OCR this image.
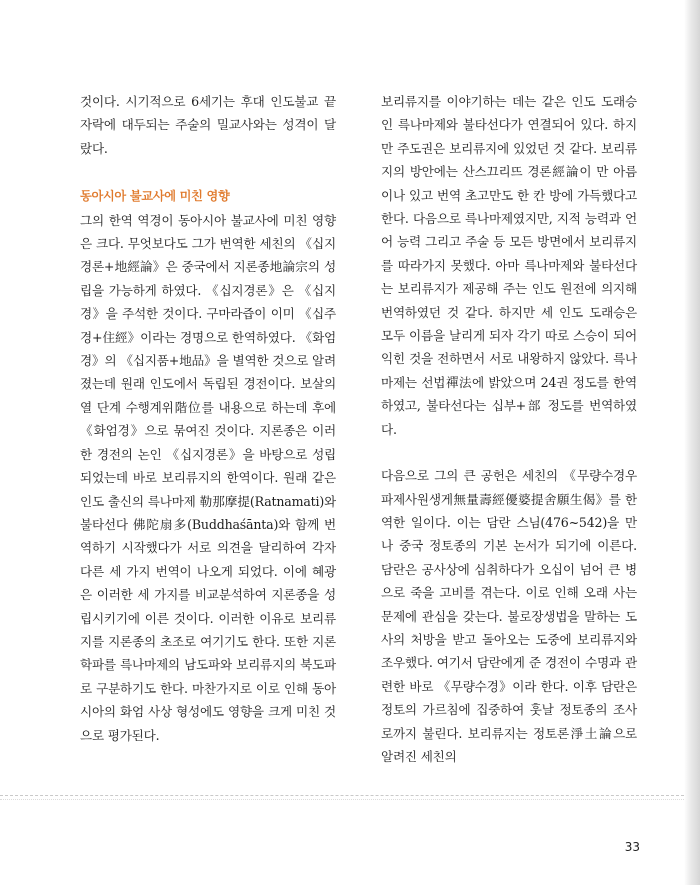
것이다. 시기적으로 6세기는 후대 인도불교 끝자락에 대두되는 주술의 밀교사와는 성격이 달랐다.

동아시아 불교사에 미친 영향

그의 한역 역경이 동아시아 불교사에 미친 영향은 크다. 무엇보다도 그가 번역한 세친의 《십지경론+地經論》은 중국에서 지론종地論宗의 성립을 가능하게 하였다. 《십지경론》은 《십지경》을 주석한 것이다. 구마라즙이 이미 《십주경+住經》이라는 경명으로 한역하였다. 《화엄경》의 《십지품+地品》을 별역한 것으로 알려졌는데 원래 인도에서 독립된 경전이다. 보살의 열 단계 수행계위階位를 내용으로 하는데 후에 《화엄경》으로 묶여진 것이다. 지론종은 이러한 경전의 논인 《십지경론》을 바탕으로 성립되었는데 바로 보리류지의 한역이다. 원래 같은 인도 출신의 륵나마제 勒那摩提(Ratnamati)와 불타선다 佛陀扇多(Buddhaśānta)와 함께 번역하기 시작했다가 서로 의견을 달리하여 각자 다른 세 가지 번역이 나오게 되었다. 이에 혜광은 이러한 세 가지를 비교분석하여 지론종을 성립시키기에 이른 것이다. 이러한 이유로 보리류지를 지론종의 초조로 여기기도 한다. 또한 지론학파를 륵나마제의 남도파와 보리류지의 북도파로 구분하기도 한다. 마찬가지로 이로 인해 동아시아의 화엄 사상 형성에도 영향을 크게 미친 것으로 평가된다.

보리류지를 이야기하는 데는 같은 인도 도래승인 륵나마제와 불타선다가 연결되어 있다. 하지만 주도권은 보리류지에 있었던 것 같다. 보리류지의 방안에는 산스끄리뜨 경론經論이 만 아름이나 있고 번역 초고만도 한 칸 방에 가득했다고 한다. 다음으로 륵나마제였지만, 지적 능력과 언어 능력 그리고 주술 등 모든 방면에서 보리류지를 따라가지 못했다. 아마 륵나마제와 불타선다는 보리류지가 제공해 주는 인도 원전에 의지해 번역하였던 것 같다. 하지만 세 인도 도래승은 모두 이름을 날리게 되자 각기 따로 스승이 되어 익힌 것을 전하면서 서로 내왕하지 않았다. 륵나마제는 선법禪法에 밝았으며 24권 정도를 한역하였고, 불타선다는 십부+部 정도를 번역하였다.

다음으로 그의 큰 공헌은 세친의 《무량수경우파제사원생게無量壽經優婆提舍願生偈》를 한역한 일이다. 이는 담란 스님(476~542)을 만나 중국 정토종의 기본 논서가 되기에 이른다. 담란은 공사상에 심취하다가 오십이 넘어 큰 병으로 죽을 고비를 겪는다. 이로 인해 오래 사는 문제에 관심을 갖는다. 불로장생법을 말하는 도사의 처방을 받고 돌아오는 도중에 보리류지와 조우했다. 여기서 담란에게 준 경전이 수명과 관련한 바로 《무량수경》이라 한다. 이후 담란은 정토의 가르침에 집중하여 훗날 정토종의 조사로까지 불린다. 보리류지는 정토론淨土論으로 알려진 세친의

33
